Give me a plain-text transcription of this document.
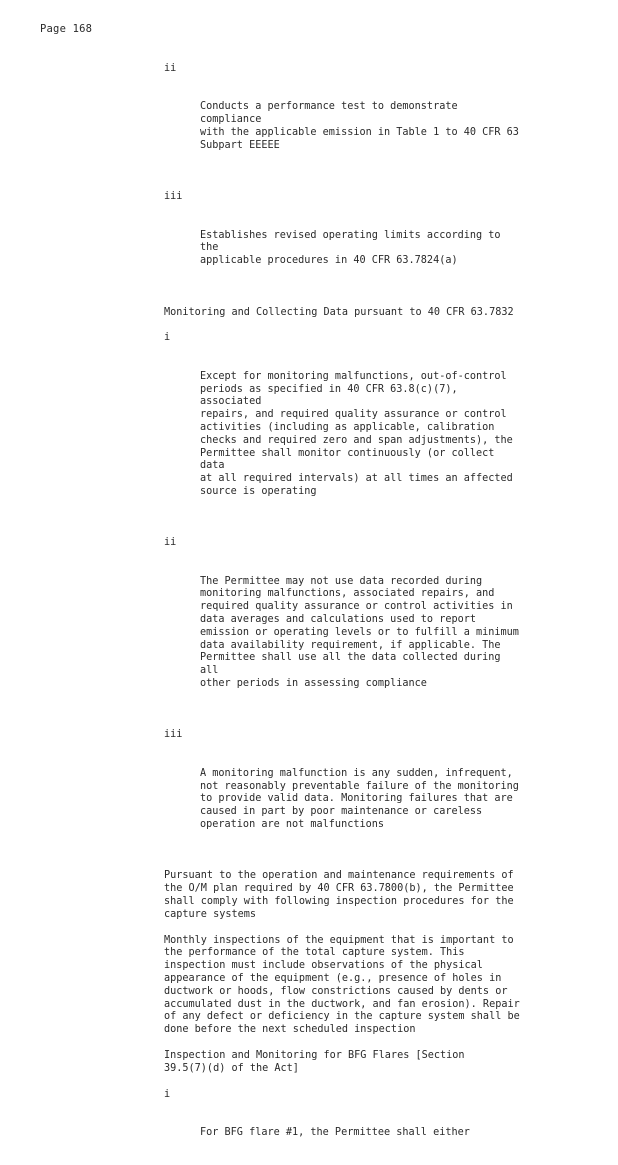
Page 168

ii

Conducts a performance test to demonstrate compliance
with the applicable emission in Table 1 to 40 CFR 63
Subpart EEEEE

iii

Establishes revised operating limits according to the
applicable procedures in 40 CFR 63.7824(a)

Monitoring and Collecting Data pursuant to 40 CFR 63.7832

i

Except for monitoring malfunctions, out-of-control
periods as specified in 40 CFR 63.8(c)(7), associated
repairs, and required quality assurance or control
activities (including as applicable, calibration
checks and required zero and span adjustments), the
Permittee shall monitor continuously (or collect data
at all required intervals) at all times an affected
source is operating

ii

The Permittee may not use data recorded during
monitoring malfunctions, associated repairs, and
required quality assurance or control activities in
data averages and calculations used to report
emission or operating levels or to fulfill a minimum
data availability requirement, if applicable. The
Permittee shall use all the data collected during all
other periods in assessing compliance

iii

A monitoring malfunction is any sudden, infrequent,
not reasonably preventable failure of the monitoring
to provide valid data. Monitoring failures that are
caused in part by poor maintenance or careless
operation are not malfunctions

Pursuant to the operation and maintenance requirements of
the O/M plan required by 40 CFR 63.7800(b), the Permittee
shall comply with following inspection procedures for the
capture systems
Monthly inspections of the equipment that is important to
the performance of the total capture system. This
inspection must include observations of the physical
appearance of the equipment (e.g., presence of holes in
ductwork or hoods, flow constrictions caused by dents or
accumulated dust in the ductwork, and fan erosion). Repair
of any defect or deficiency in the capture system shall be
done before the next scheduled inspection
Inspection and Monitoring for BFG Flares [Section
39.5(7)(d) of the Act]

i

For BFG flare #1, the Permittee shall either
